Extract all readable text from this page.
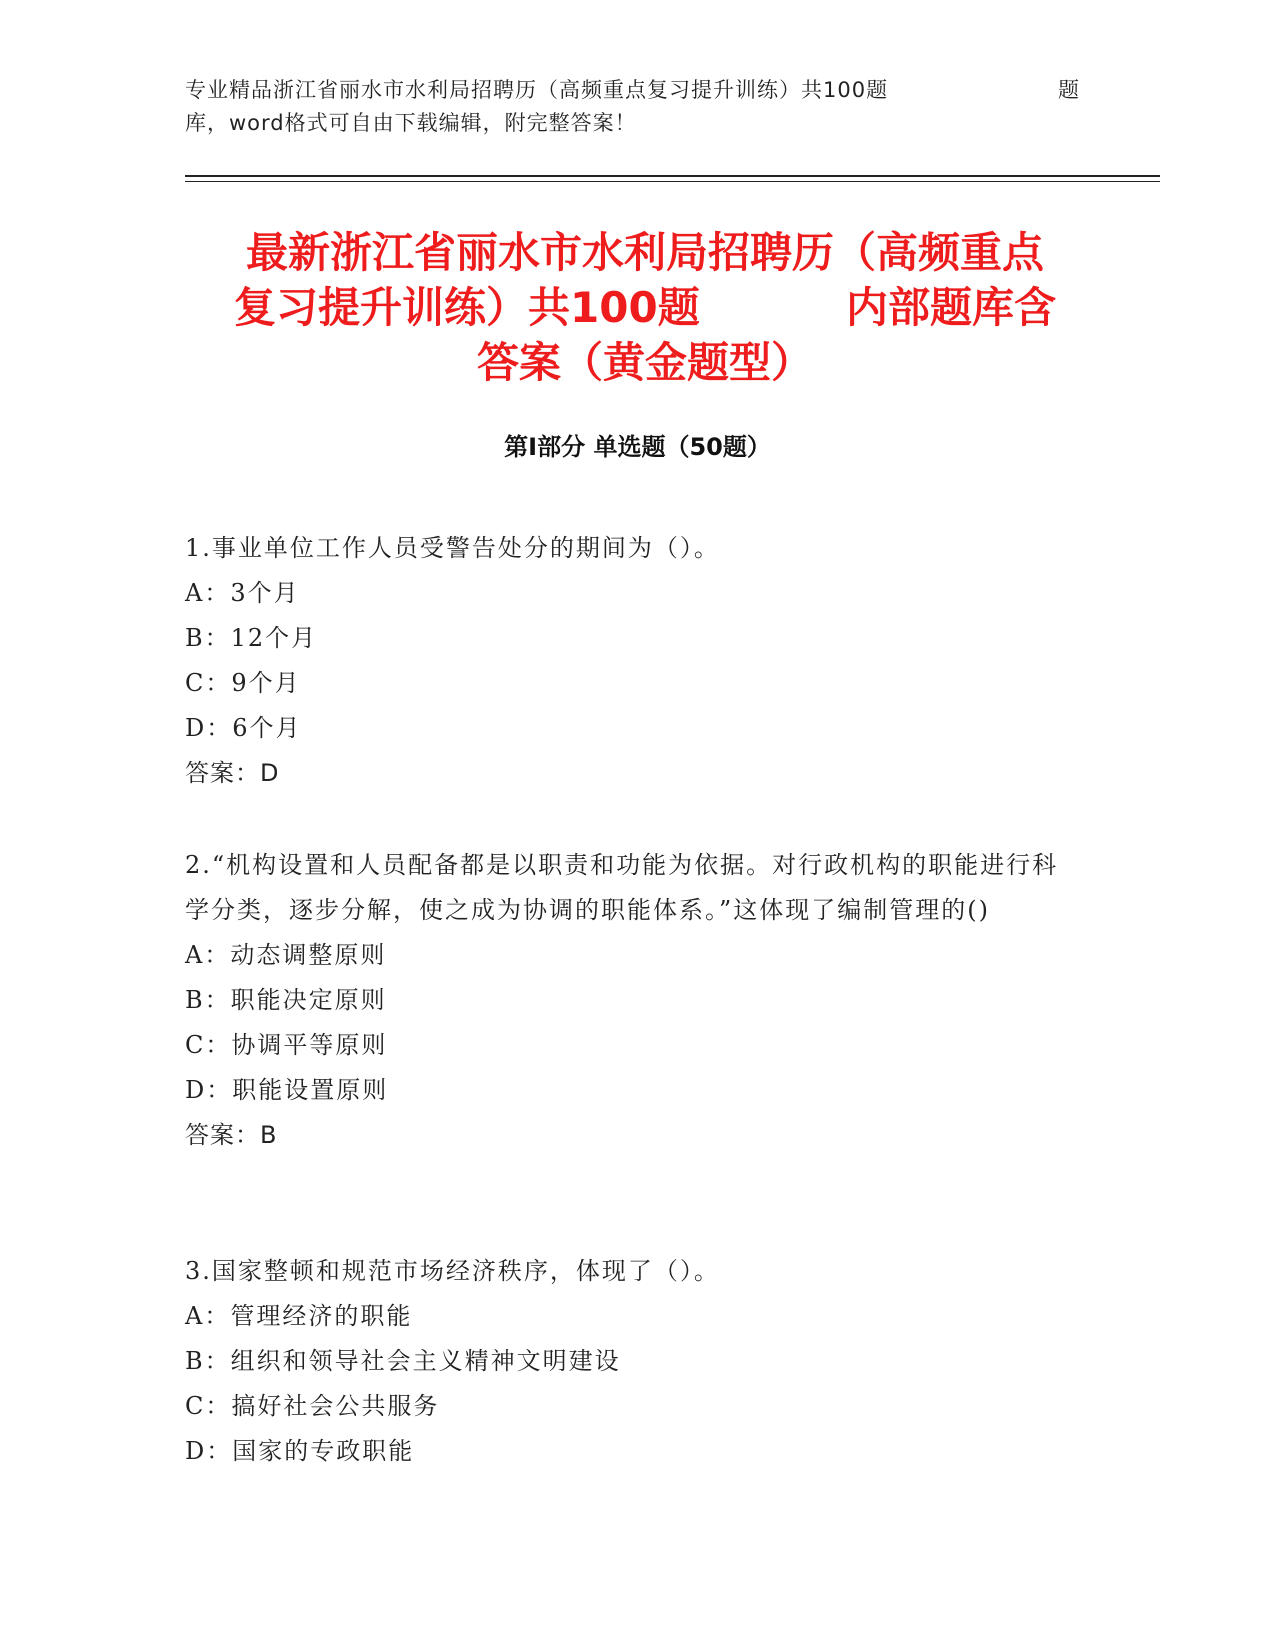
专业精品浙江省丽水市水利局招聘历（高频重点复习提升训练）共100题	题
库，word格式可自由下载编辑，附完整答案！
最新浙江省丽水市水利局招聘历（高频重点
复习提升训练）共100题          内部题库含
答案（黄金题型）
第Ⅰ部分 单选题（50题）
1.事业单位工作人员受警告处分的期间为（）。
A：3个月
B：12个月
C：9个月
D：6个月
答案：D
2.“机构设置和人员配备都是以职责和功能为依据。对行政机构的职能进行科学分类，逐步分解，使之成为协调的职能体系。”这体现了编制管理的()
A：动态调整原则
B：职能决定原则
C：协调平等原则
D：职能设置原则
答案：B
3.国家整顿和规范市场经济秩序，体现了（）。
A：管理经济的职能
B：组织和领导社会主义精神文明建设
C：搞好社会公共服务
D：国家的专政职能
